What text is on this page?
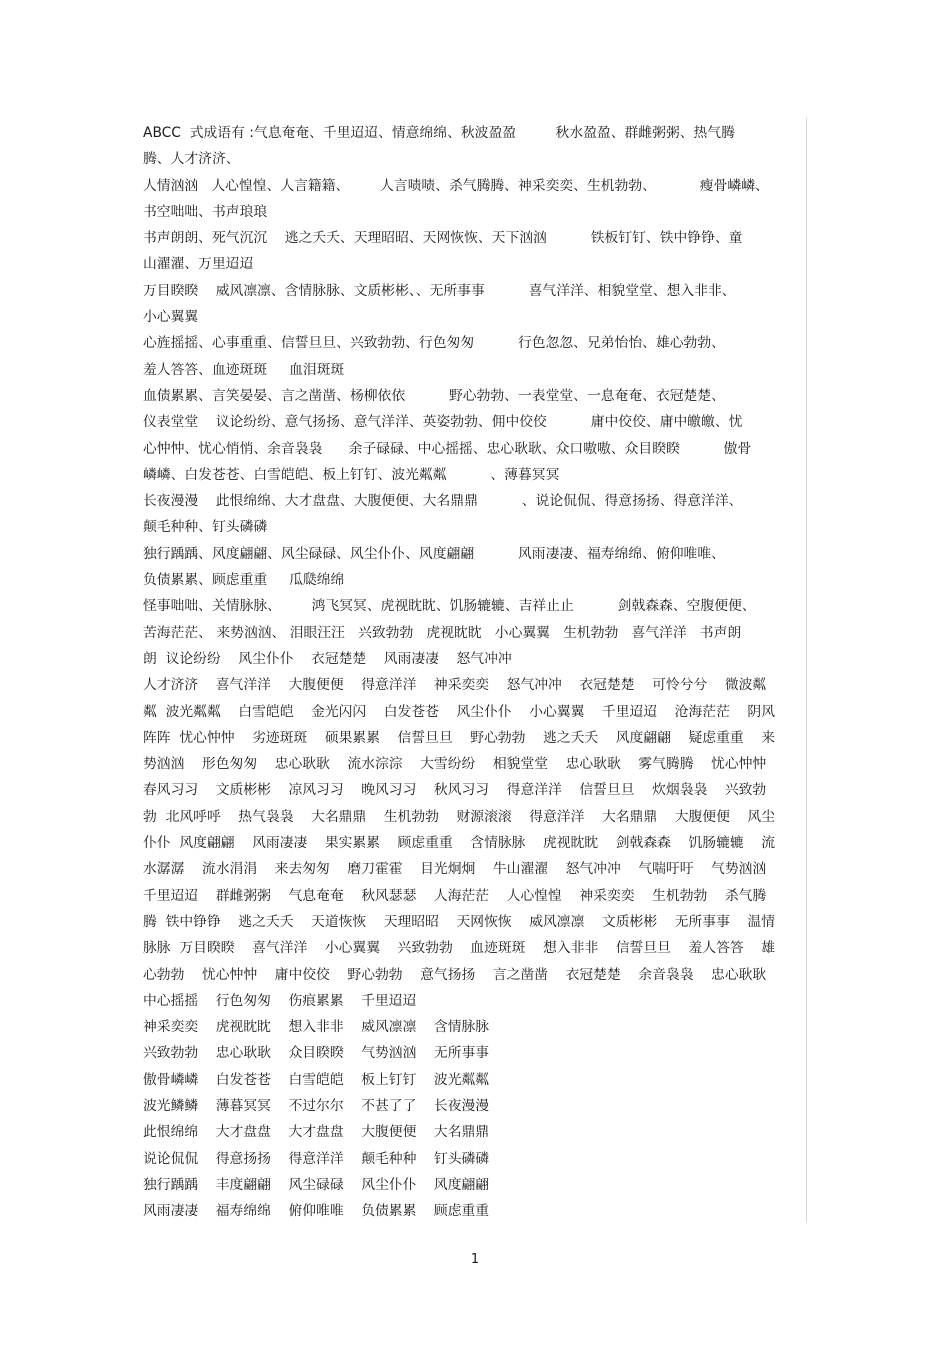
ABCC  式成语有 :气息奄奄、千里迢迢、情意绵绵、秋波盈盈         秋水盈盈、群雌粥粥、热气腾
腾、人才济济、
人情汹汹   人心惶惶、人言籍籍、       人言啧啧、杀气腾腾、神采奕奕、生机勃勃、          瘦骨嶙嶙、
书空咄咄、书声琅琅
书声朗朗、死气沉沉    逃之夭夭、天理昭昭、天网恢恢、天下汹汹          铁板钉钉、铁中铮铮、童
山濯濯、万里迢迢
万目睽睽    威风凛凛、含情脉脉、文质彬彬、、无所事事          喜气洋洋、相貌堂堂、想入非非、
小心翼翼
心旌摇摇、心事重重、信誓旦旦、兴致勃勃、行色匆匆          行色忽忽、兄弟怡怡、雄心勃勃、
羞人答答、血迹斑斑     血泪斑斑
血债累累、言笑晏晏、言之凿凿、杨柳依依          野心勃勃、一表堂堂、一息奄奄、衣冠楚楚、
仪表堂堂    议论纷纷、意气扬扬、意气洋洋、英姿勃勃、佣中佼佼          庸中佼佼、庸中皦皦、忧
心忡忡、忧心悄悄、余音袅袅      余子碌碌、中心摇摇、忠心耿耿、众口嗷嗷、众目睽睽          傲骨
嶙嶙、白发苍苍、白雪皑皑、板上钉钉、波光粼粼          、薄暮冥冥
长夜漫漫    此恨绵绵、大才盘盘、大腹便便、大名鼎鼎          、说论侃侃、得意扬扬、得意洋洋、
颠毛种种、钉头磷磷
独行踽踽、风度翩翩、风尘碌碌、风尘仆仆、风度翩翩          风雨凄凄、福寿绵绵、俯仰唯唯、
负债累累、顾虑重重     瓜瓞绵绵
怪事咄咄、关情脉脉、       鸿飞冥冥、虎视眈眈、饥肠辘辘、吉祥止止          剑戟森森、空腹便便、
苦海茫茫、 来势汹汹、 泪眼汪汪   兴致勃勃   虎视眈眈   小心翼翼   生机勃勃   喜气洋洋   书声朗
朗  议论纷纷    风尘仆仆    衣冠楚楚    风雨凄凄    怒气冲冲
人才济济    喜气洋洋    大腹便便    得意洋洋    神采奕奕    怒气冲冲    衣冠楚楚    可怜兮兮    微波粼
粼  波光粼粼    白雪皑皑    金光闪闪    白发苍苍    风尘仆仆    小心翼翼    千里迢迢    沧海茫茫    阴风
阵阵  忧心忡忡    劣迹斑斑    硕果累累    信誓旦旦    野心勃勃    逃之夭夭    风度翩翩    疑虑重重    来
势汹汹    形色匆匆    忠心耿耿    流水淙淙    大雪纷纷    相貌堂堂    忠心耿耿    雾气腾腾    忧心忡忡
春风习习    文质彬彬    凉风习习    晚风习习    秋风习习    得意洋洋    信誓旦旦    炊烟袅袅    兴致勃
勃  北风呼呼    热气袅袅    大名鼎鼎    生机勃勃    财源滚滚    得意洋洋    大名鼎鼎    大腹便便    风尘
仆仆  风度翩翩    风雨凄凄    果实累累    顾虑重重    含情脉脉    虎视眈眈    剑戟森森    饥肠辘辘    流
水潺潺    流水涓涓    来去匆匆    磨刀霍霍    目光炯炯    牛山濯濯    怒气冲冲    气喘吁吁    气势汹汹
千里迢迢    群雌粥粥    气息奄奄    秋风瑟瑟    人海茫茫    人心惶惶    神采奕奕    生机勃勃    杀气腾
腾  铁中铮铮    逃之夭夭    天道恢恢    天理昭昭    天网恢恢    威风凛凛    文质彬彬    无所事事    温情
脉脉  万目睽睽    喜气洋洋    小心翼翼    兴致勃勃    血迹斑斑    想入非非    信誓旦旦    羞人答答    雄
心勃勃    忧心忡忡    庸中佼佼    野心勃勃    意气扬扬    言之凿凿    衣冠楚楚    余音袅袅    忠心耿耿
中心摇摇    行色匆匆    伤痕累累    千里迢迢
神采奕奕    虎视眈眈    想入非非    威风凛凛    含情脉脉
兴致勃勃    忠心耿耿    众目睽睽    气势汹汹    无所事事
傲骨嶙嶙    白发苍苍    白雪皑皑    板上钉钉    波光粼粼
波光鳞鳞    薄暮冥冥    不过尔尔    不甚了了    长夜漫漫
此恨绵绵    大才盘盘    大才盘盘    大腹便便    大名鼎鼎
说论侃侃    得意扬扬    得意洋洋    颠毛种种    钉头磷磷
独行踽踽    丰度翩翩    风尘碌碌    风尘仆仆    风度翩翩
风雨凄凄    福寿绵绵    俯仰唯唯    负债累累    顾虑重重
1
